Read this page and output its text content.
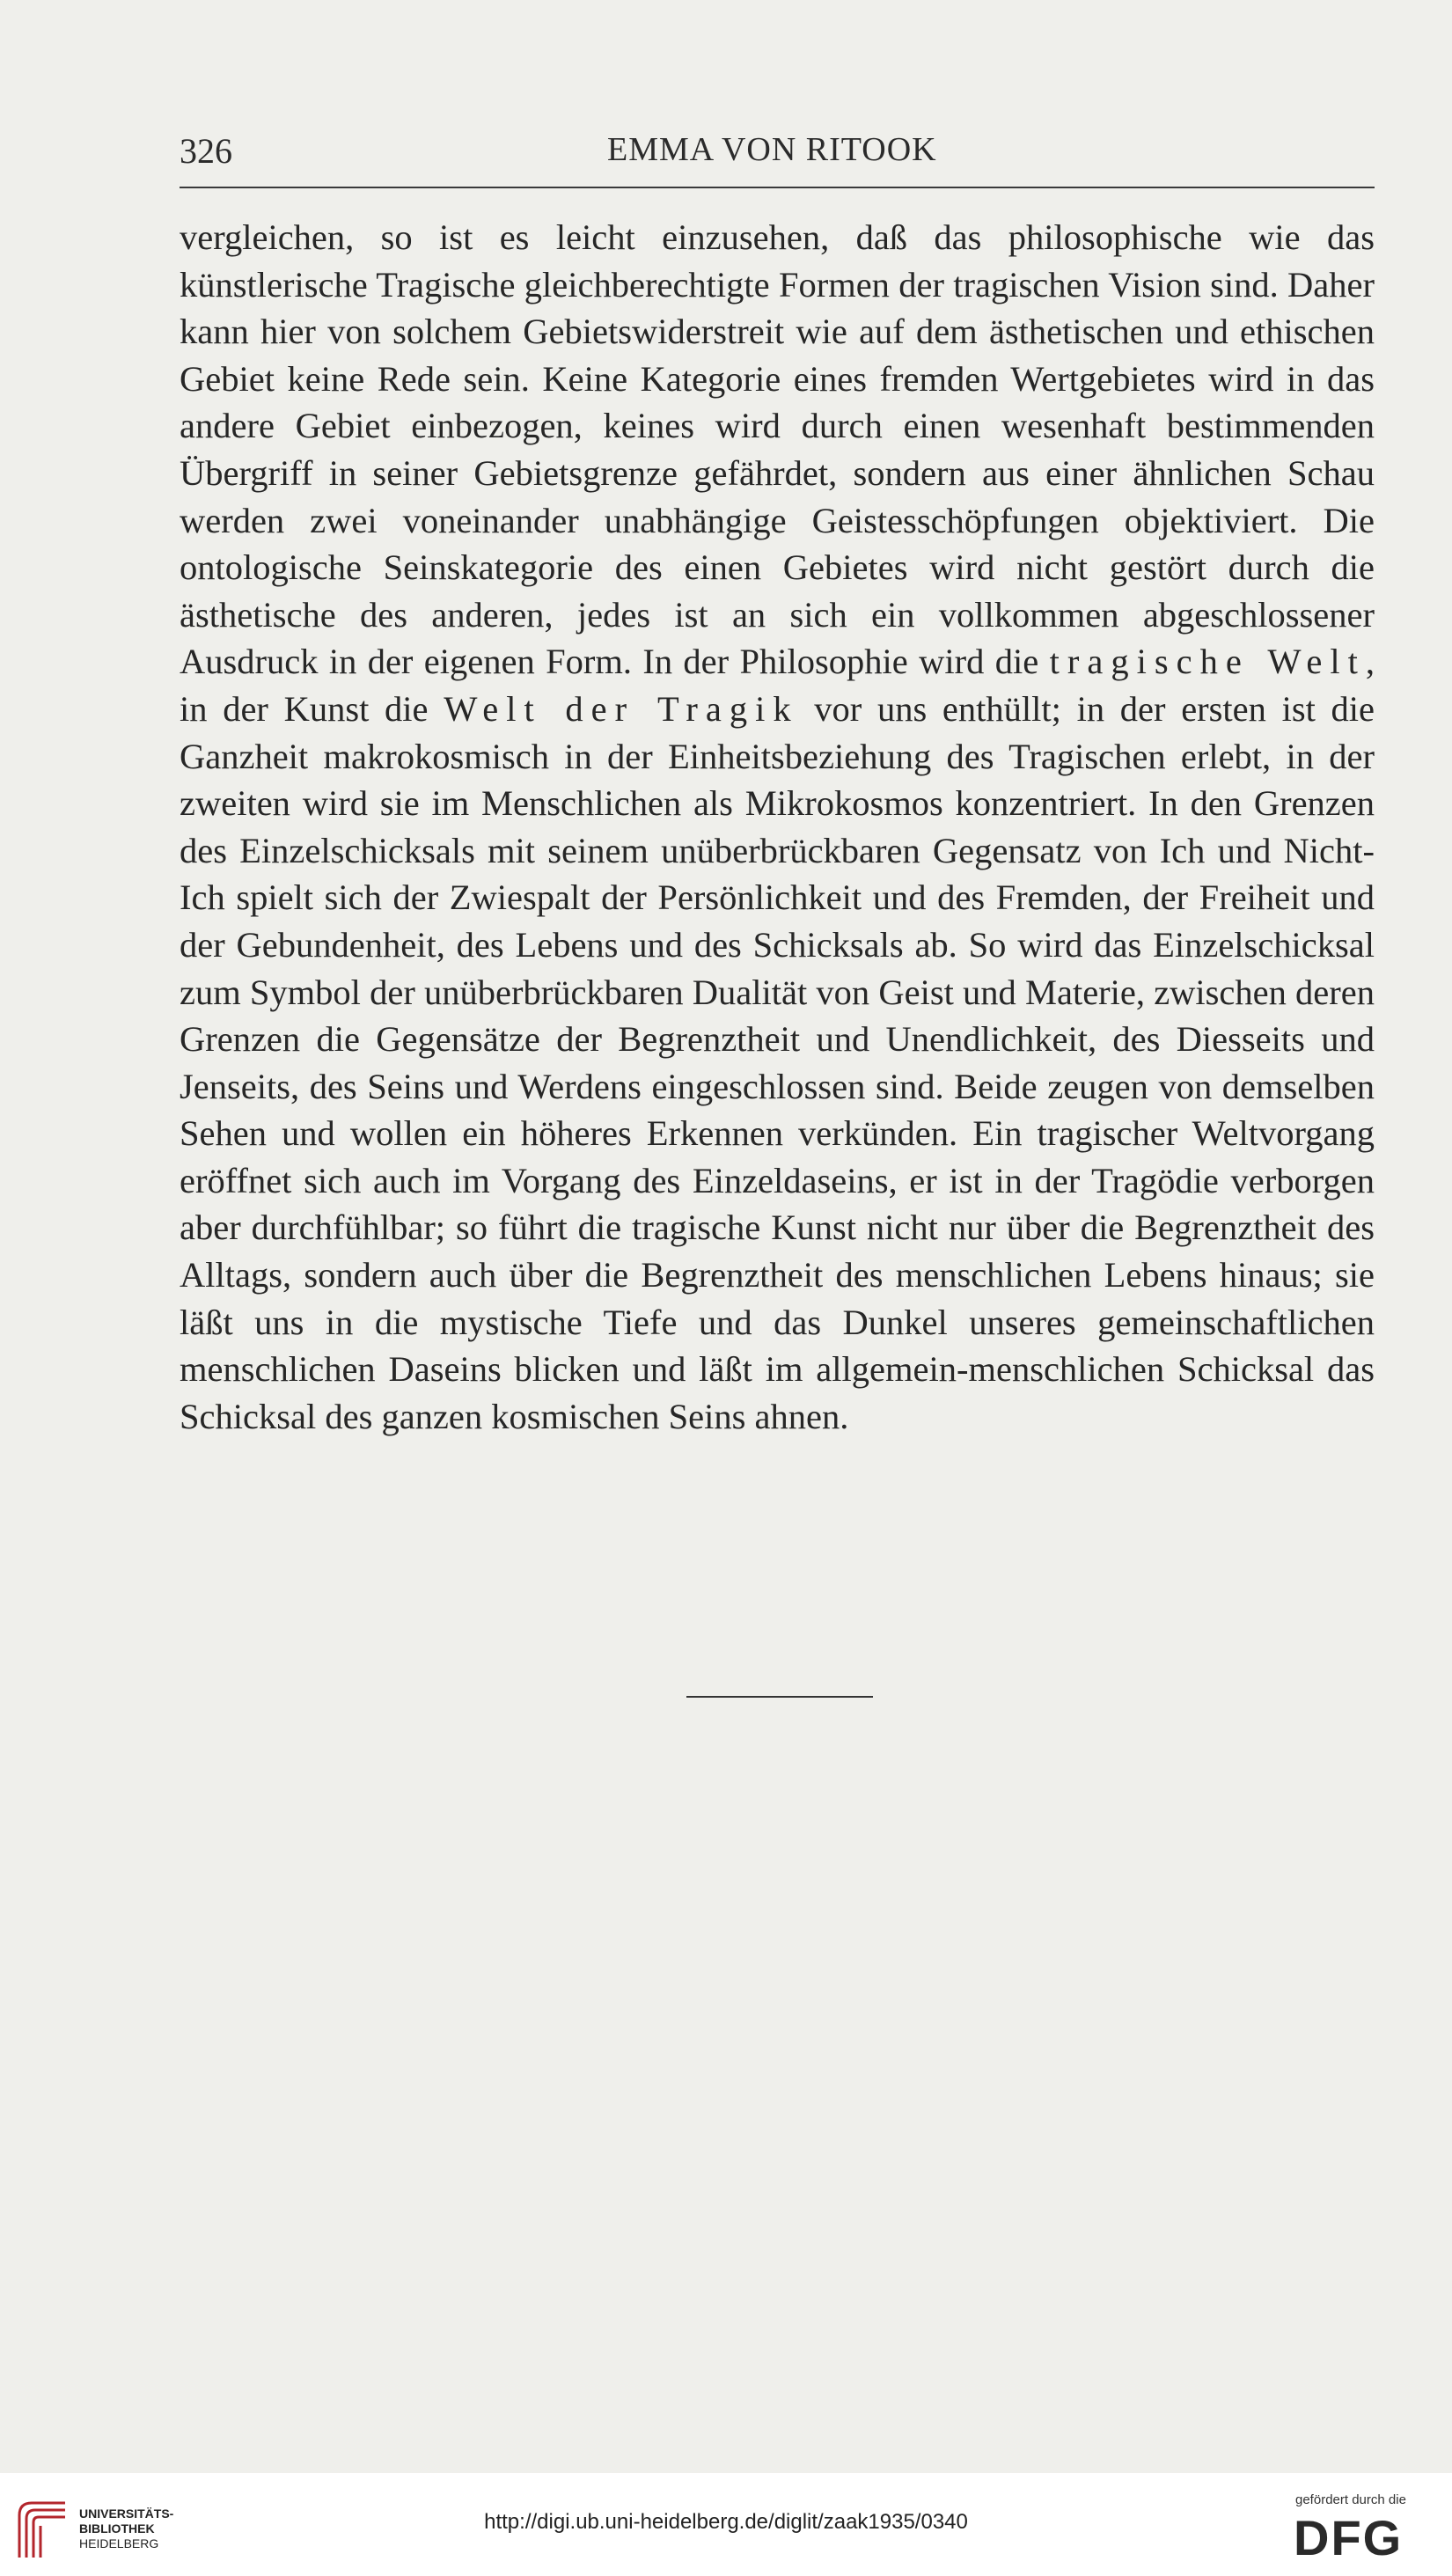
326	EMMA VON RITOOK

vergleichen, so ist es leicht einzusehen, daß das philosophische wie das künstlerische Tragische gleichberechtigte Formen der tragischen Vision sind. Daher kann hier von solchem Gebietswiderstreit wie auf dem ästhetischen und ethischen Gebiet keine Rede sein. Keine Kategorie eines fremden Wertgebietes wird in das andere Gebiet einbezogen, keines wird durch einen wesenhaft bestimmenden Übergriff in seiner Gebietsgrenze gefährdet, sondern aus einer ähnlichen Schau werden zwei voneinander unabhängige Geistesschöpfungen objektiviert. Die ontologische Seinskategorie des einen Gebietes wird nicht gestört durch die ästhetische des anderen, jedes ist an sich ein vollkommen abgeschlossener Ausdruck in der eigenen Form. In der Philosophie wird die tragische Welt, in der Kunst die Welt der Tragik vor uns enthüllt; in der ersten ist die Ganzheit makrokosmisch in der Einheitsbeziehung des Tragischen erlebt, in der zweiten wird sie im Menschlichen als Mikrokosmos konzentriert. In den Grenzen des Einzelschicksals mit seinem unüberbrückbaren Gegensatz von Ich und Nicht-Ich spielt sich der Zwiespalt der Persönlichkeit und des Fremden, der Freiheit und der Gebundenheit, des Lebens und des Schicksals ab. So wird das Einzelschicksal zum Symbol der unüberbrückbaren Dualität von Geist und Materie, zwischen deren Grenzen die Gegensätze der Begrenztheit und Unendlichkeit, des Diesseits und Jenseits, des Seins und Werdens eingeschlossen sind. Beide zeugen von demselben Sehen und wollen ein höheres Erkennen verkünden. Ein tragischer Weltvorgang eröffnet sich auch im Vorgang des Einzeldaseins, er ist in der Tragödie verborgen aber durchfühlbar; so führt die tragische Kunst nicht nur über die Begrenztheit des Alltags, sondern auch über die Begrenztheit des menschlichen Lebens hinaus; sie läßt uns in die mystische Tiefe und das Dunkel unseres gemeinschaftlichen menschlichen Daseins blicken und läßt im allgemein-menschlichen Schicksal das Schicksal des ganzen kosmischen Seins ahnen.

UNIVERSITÄTS-
BIBLIOTHEK
HEIDELBERG
http://digi.ub.uni-heidelberg.de/diglit/zaak1935/0340
gefördert durch die
DFG
